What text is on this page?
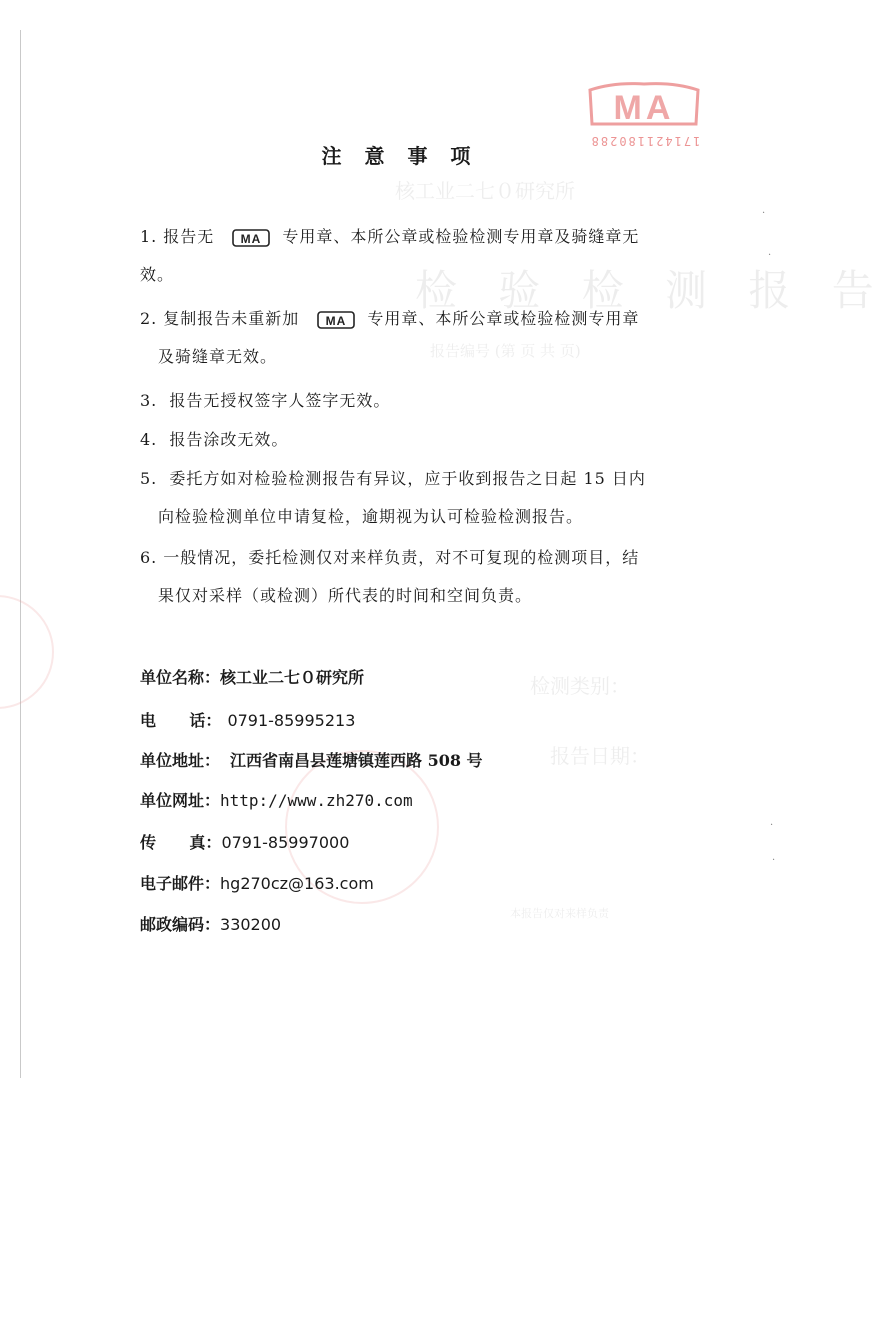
核工业二七０研究所
检 验 检 测 报 告
报告编号 (第 页 共 页)
检测类别：
报告日期：
本报告仅对来样负责
MA
171421180288
注 意 事 项
1. 报告无 MA 专用章、本所公章或检验检测专用章及骑缝章无
效。
2. 复制报告未重新加 MA 专用章、本所公章或检验检测专用章
及骑缝章无效。
3. 报告无授权签字人签字无效。
4. 报告涂改无效。
5. 委托方如对检验检测报告有异议，应于收到报告之日起 15 日内
向检验检测单位申请复检，逾期视为认可检验检测报告。
6. 一般情况，委托检测仅对来样负责，对不可复现的检测项目，结
果仅对采样（或检测）所代表的时间和空间负责。
单位名称：核工业二七０研究所
电      话： 0791-85995213
单位地址： 江西省南昌县莲塘镇莲西路 508 号
单位网址：http://www.zh270.com
传      真：0791-85997000
电子邮件：hg270cz@163.com
邮政编码：330200
·
·
·
·
